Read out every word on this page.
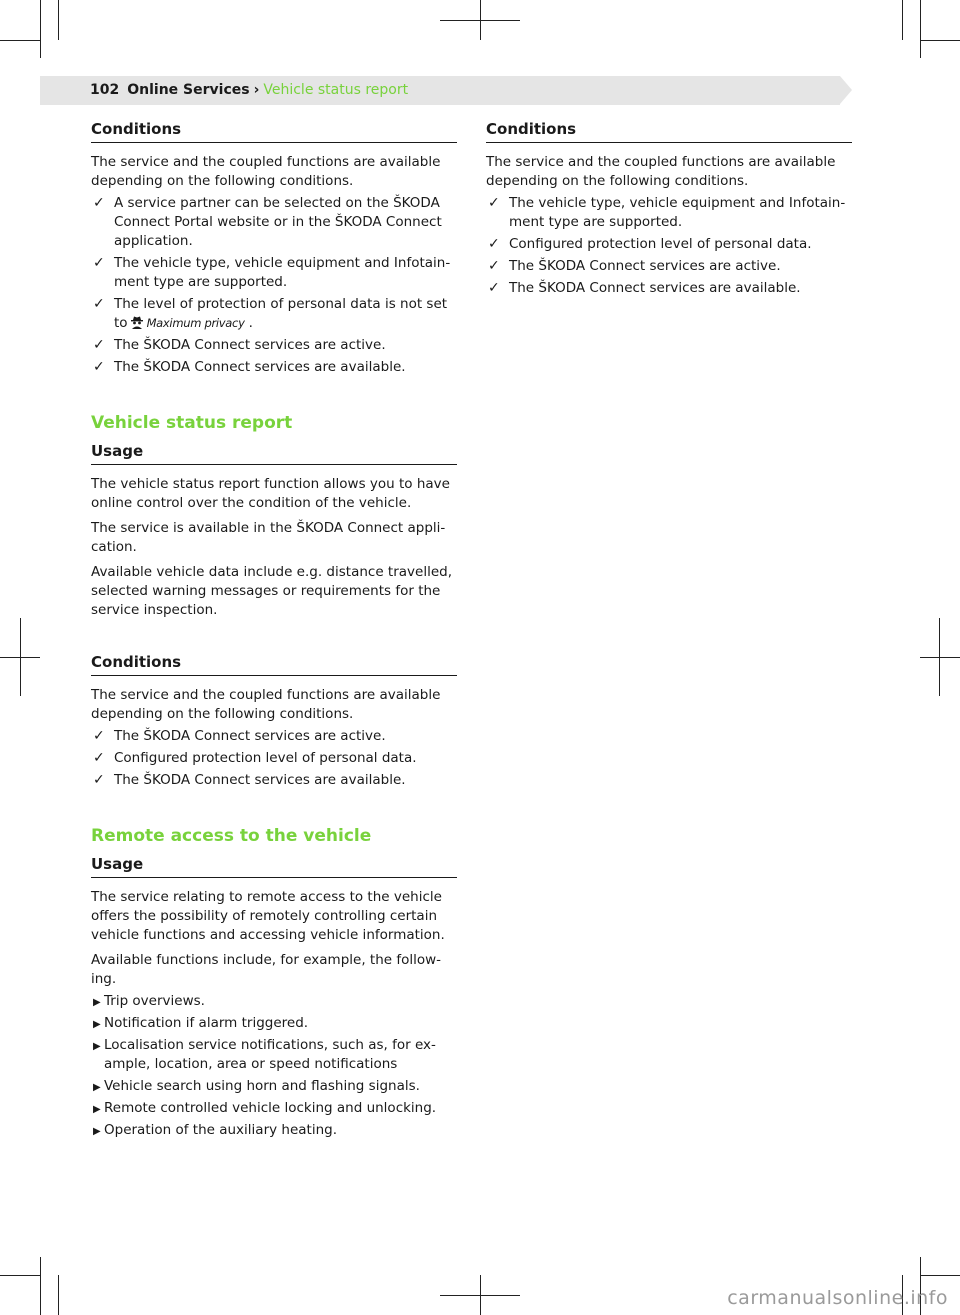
102 Online Services › Vehicle status report
Conditions

The service and the coupled functions are available depending on the following conditions.

✓ A service partner can be selected on the ŠKODA Connect Portal website or in the ŠKODA Connect application.
✓ The vehicle type, vehicle equipment and Infotain-ment type are supported.
✓ The level of protection of personal data is not set to Maximum privacy .
✓ The ŠKODA Connect services are active.
✓ The ŠKODA Connect services are available.
Vehicle status report
Usage

The vehicle status report function allows you to have online control over the condition of the vehicle.

The service is available in the ŠKODA Connect appli-cation.

Available vehicle data include e.g. distance travelled, selected warning messages or requirements for the service inspection.

Conditions

The service and the coupled functions are available depending on the following conditions.

✓ The ŠKODA Connect services are active.
✓ Configured protection level of personal data.
✓ The ŠKODA Connect services are available.
Remote access to the vehicle
Usage

The service relating to remote access to the vehicle offers the possibility of remotely controlling certain vehicle functions and accessing vehicle information.

Available functions include, for example, the follow-ing.

▶ Trip overviews.
▶ Notification if alarm triggered.
▶ Localisation service notifications, such as, for ex-ample, location, area or speed notifications
▶ Vehicle search using horn and flashing signals.
▶ Remote controlled vehicle locking and unlocking.
▶ Operation of the auxiliary heating.
Conditions

The service and the coupled functions are available depending on the following conditions.

✓ The vehicle type, vehicle equipment and Infotain-ment type are supported.
✓ Configured protection level of personal data.
✓ The ŠKODA Connect services are active.
✓ The ŠKODA Connect services are available.
carmanualsonline.info
